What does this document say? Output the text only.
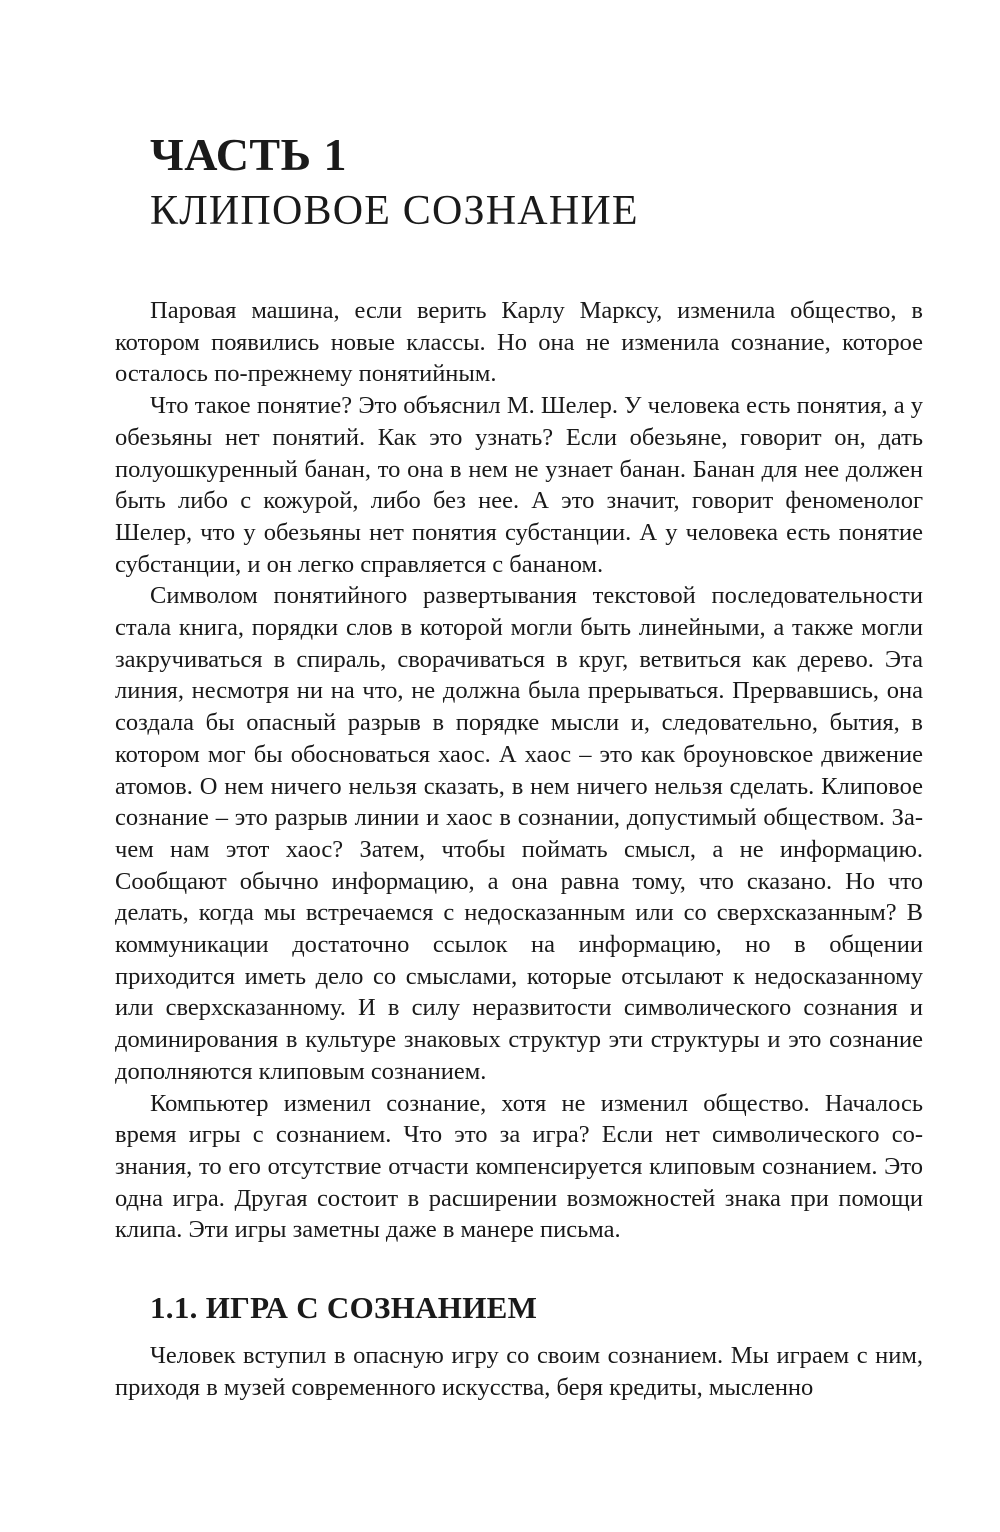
ЧАСТЬ 1
КЛИПОВОЕ СОЗНАНИЕ

Паровая машина, если верить Карлу Марксу, изменила общество, в котором появились новые классы. Но она не изменила сознание, которое осталось по-прежнему понятийным.

Что такое понятие? Это объяснил М. Шелер. У человека есть понятия, а у обезьяны нет понятий. Как это узнать? Если обезьяне, говорит он, дать полуошкуренный банан, то она в нем не узнает банан. Банан для нее должен быть либо с кожурой, либо без нее. А это значит, говорит феноменолог Шелер, что у обезьяны нет понятия субстанции. А у человека есть понятие субстанции, и он легко справляется с бананом.

Символом понятийного развертывания текстовой последовательности стала книга, порядки слов в которой могли быть линейными, а также могли закручиваться в спираль, сворачиваться в круг, ветвиться как дерево. Эта линия, несмотря ни на что, не должна была прерываться. Прервавшись, она создала бы опасный разрыв в порядке мысли и, следовательно, бытия, в котором мог бы обосноваться хаос. А хаос – это как броуновское движение атомов. О нем ничего нельзя сказать, в нем ничего нельзя сделать. Клиповое сознание – это разрыв линии и хаос в сознании, допустимый обществом. Зачем нам этот хаос? Затем, чтобы поймать смысл, а не информацию. Сообщают обычно информацию, а она равна тому, что сказано. Но что делать, когда мы встречаемся с недосказанным или со сверхсказанным? В коммуникации достаточно ссылок на информацию, но в общении приходится иметь дело со смыслами, которые отсылают к недосказанному или сверхсказанному. И в силу неразвитости символического сознания и доминирования в культуре знаковых структур эти структуры и это сознание дополняются клиповым сознанием.

Компьютер изменил сознание, хотя не изменил общество. Началось время игры с сознанием. Что это за игра? Если нет символического сознания, то его отсутствие отчасти компенсируется клиповым сознанием. Это одна игра. Другая состоит в расширении возможностей знака при помощи клипа. Эти игры заметны даже в манере письма.

1.1. ИГРА С СОЗНАНИЕМ

Человек вступил в опасную игру со своим сознанием. Мы играем с ним, приходя в музей современного искусства, беря кредиты, мысленно
